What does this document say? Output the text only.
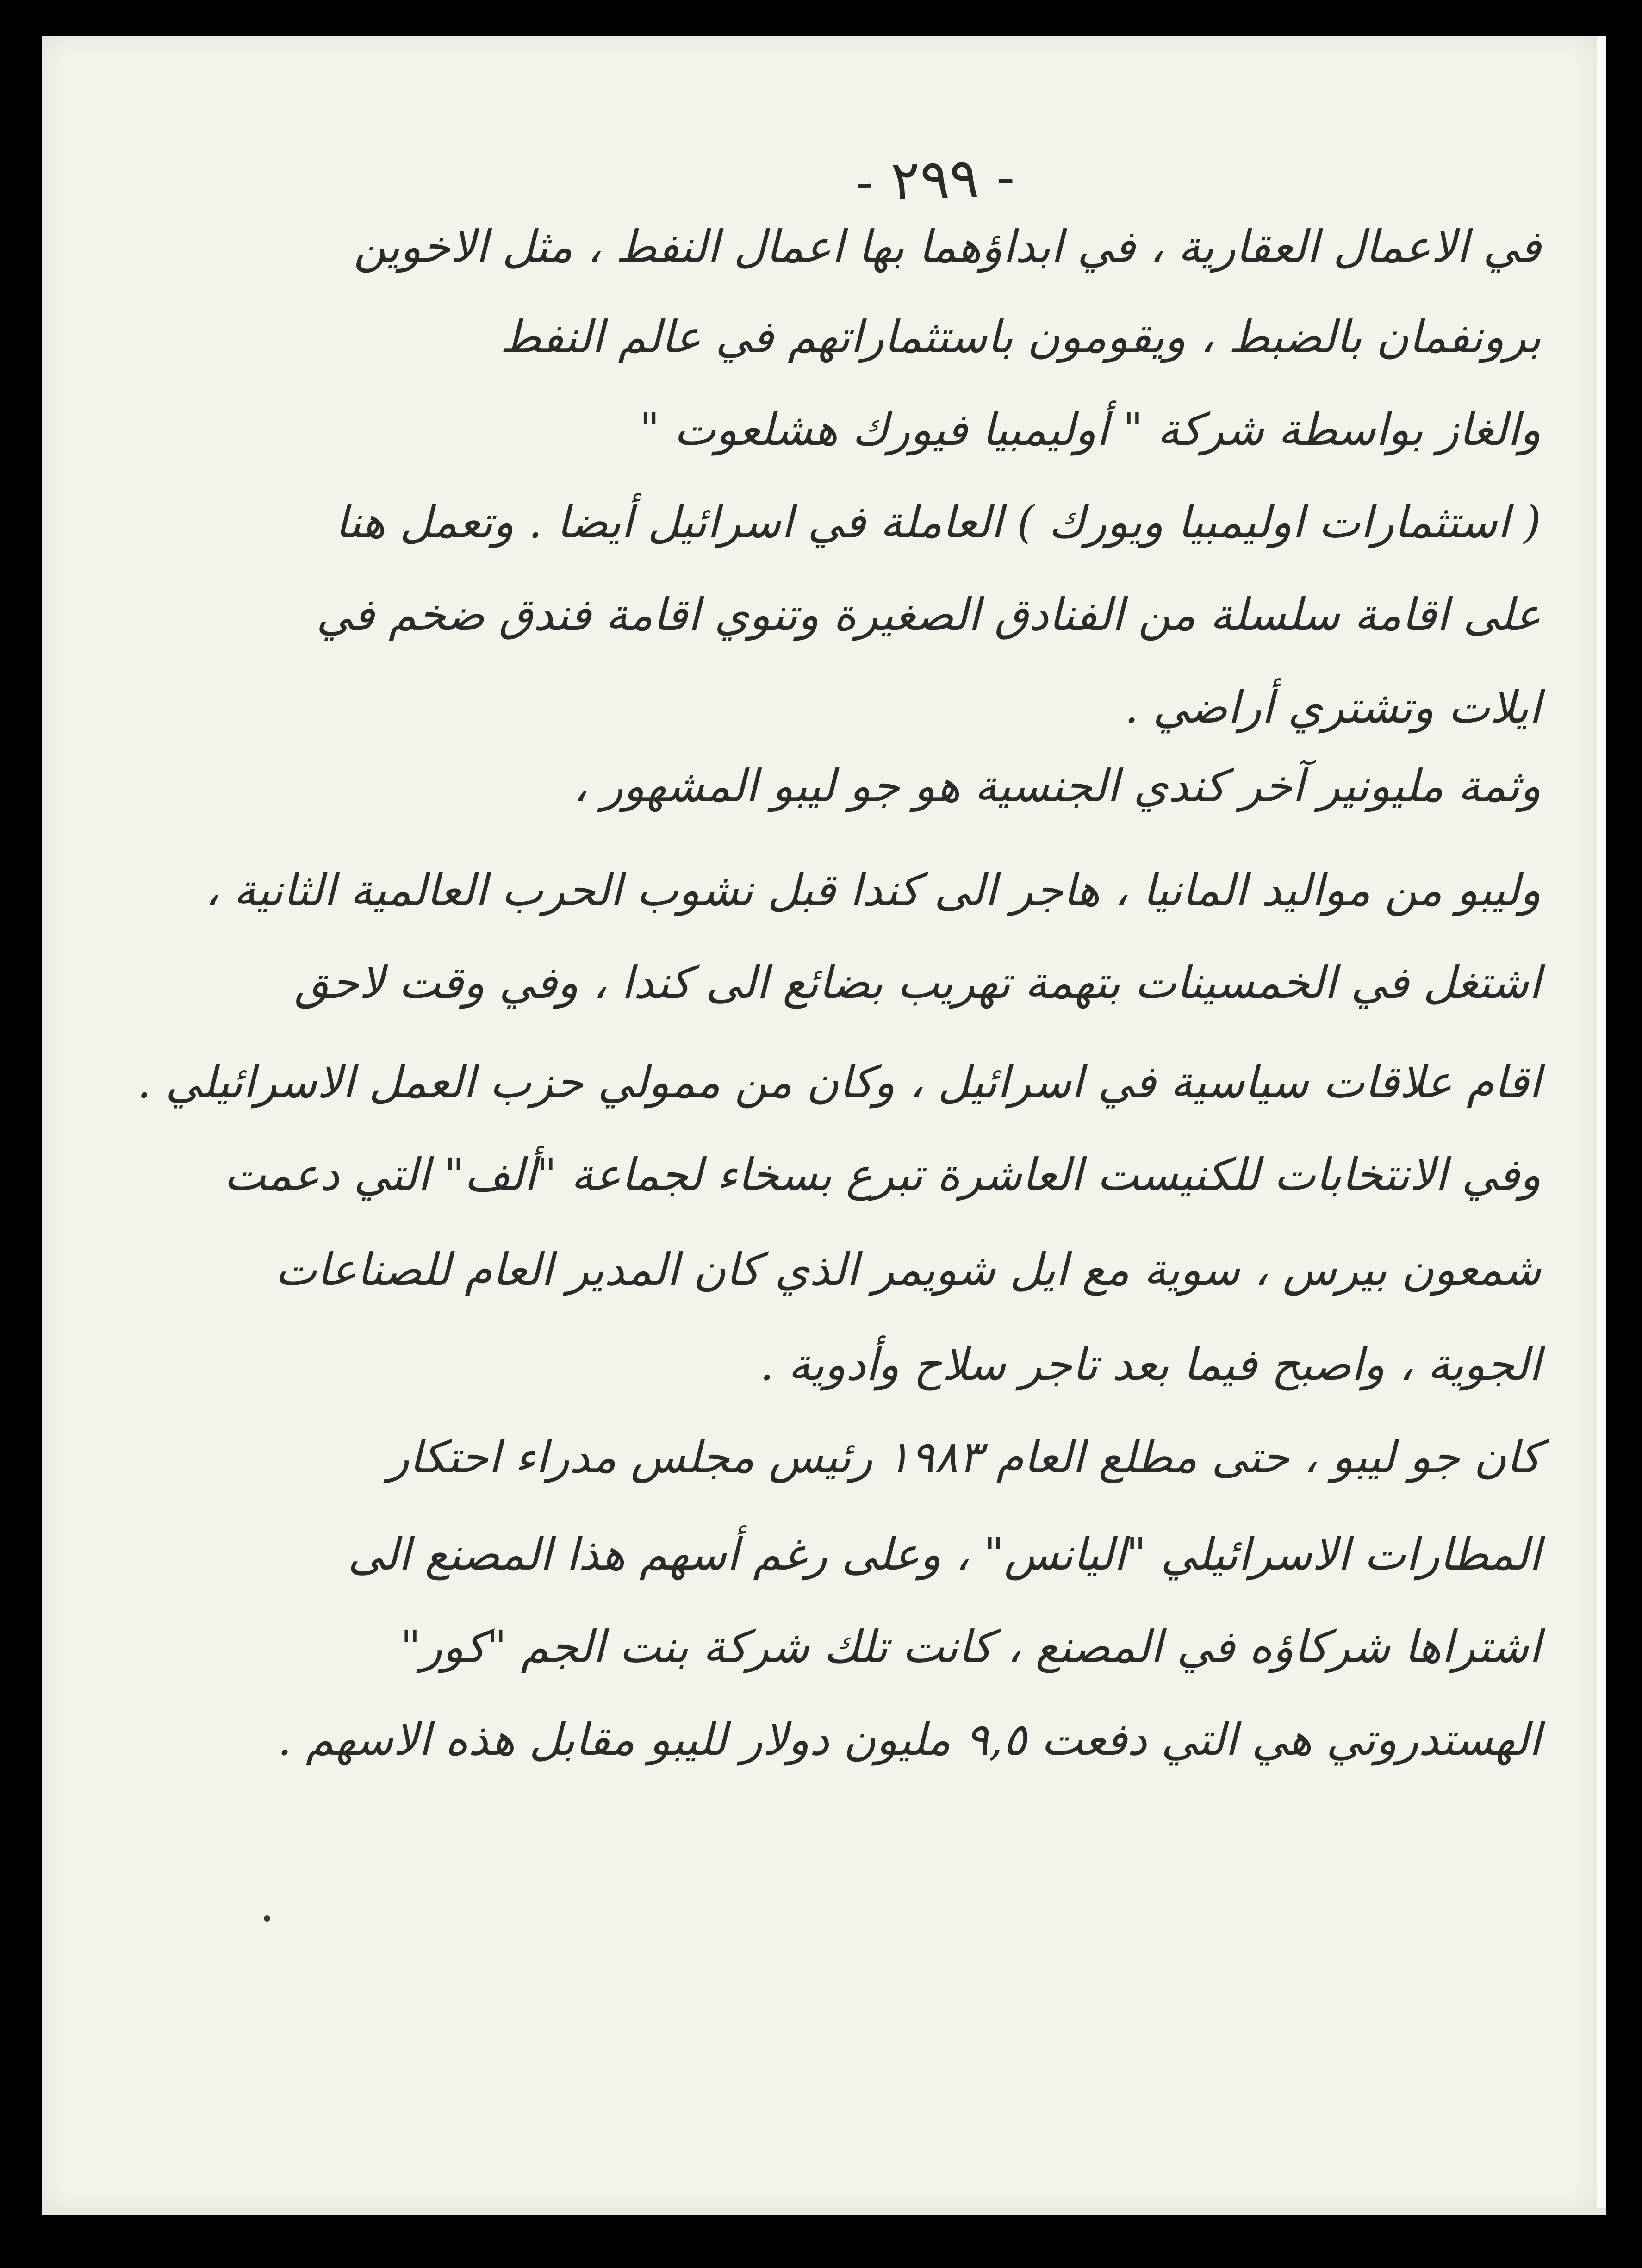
- ٢٩٩ -
في الاعمال العقارية ، في ابداؤهما بها اعمال النفط ، مثل الاخوين
برونفمان بالضبط ، ويقومون باستثماراتهم في عالم النفط
والغاز بواسطة شركة " أوليمبيا فيورك هشلعوت "
( استثمارات اوليمبيا ويورك ) العاملة في اسرائيل أيضا . وتعمل هنا
على اقامة سلسلة من الفنادق الصغيرة وتنوي اقامة فندق ضخم في
ايلات وتشتري أراضي .
وثمة مليونير آخر كندي الجنسية هو جو ليبو المشهور ،
وليبو من مواليد المانيا ، هاجر الى كندا قبل نشوب الحرب العالمية الثانية ،
اشتغل في الخمسينات بتهمة تهريب بضائع الى كندا ، وفي وقت لاحق
اقام علاقات سياسية في اسرائيل ، وكان من ممولي حزب العمل الاسرائيلي .
وفي الانتخابات للكنيست العاشرة تبرع بسخاء لجماعة "ألف" التي دعمت
شمعون بيرس ، سوية مع ايل شويمر الذي كان المدير العام للصناعات
الجوية ، واصبح فيما بعد تاجر سلاح وأدوية .
كان جو ليبو ، حتى مطلع العام ١٩٨٣ رئيس مجلس مدراء احتكار
المطارات الاسرائيلي "اليانس" ، وعلى رغم أسهم هذا المصنع الى
اشتراها شركاؤه في المصنع ، كانت تلك شركة بنت الجم "كور"
الهستدروتي هي التي دفعت ٩,٥ مليون دولار لليبو مقابل هذه الاسهم .
